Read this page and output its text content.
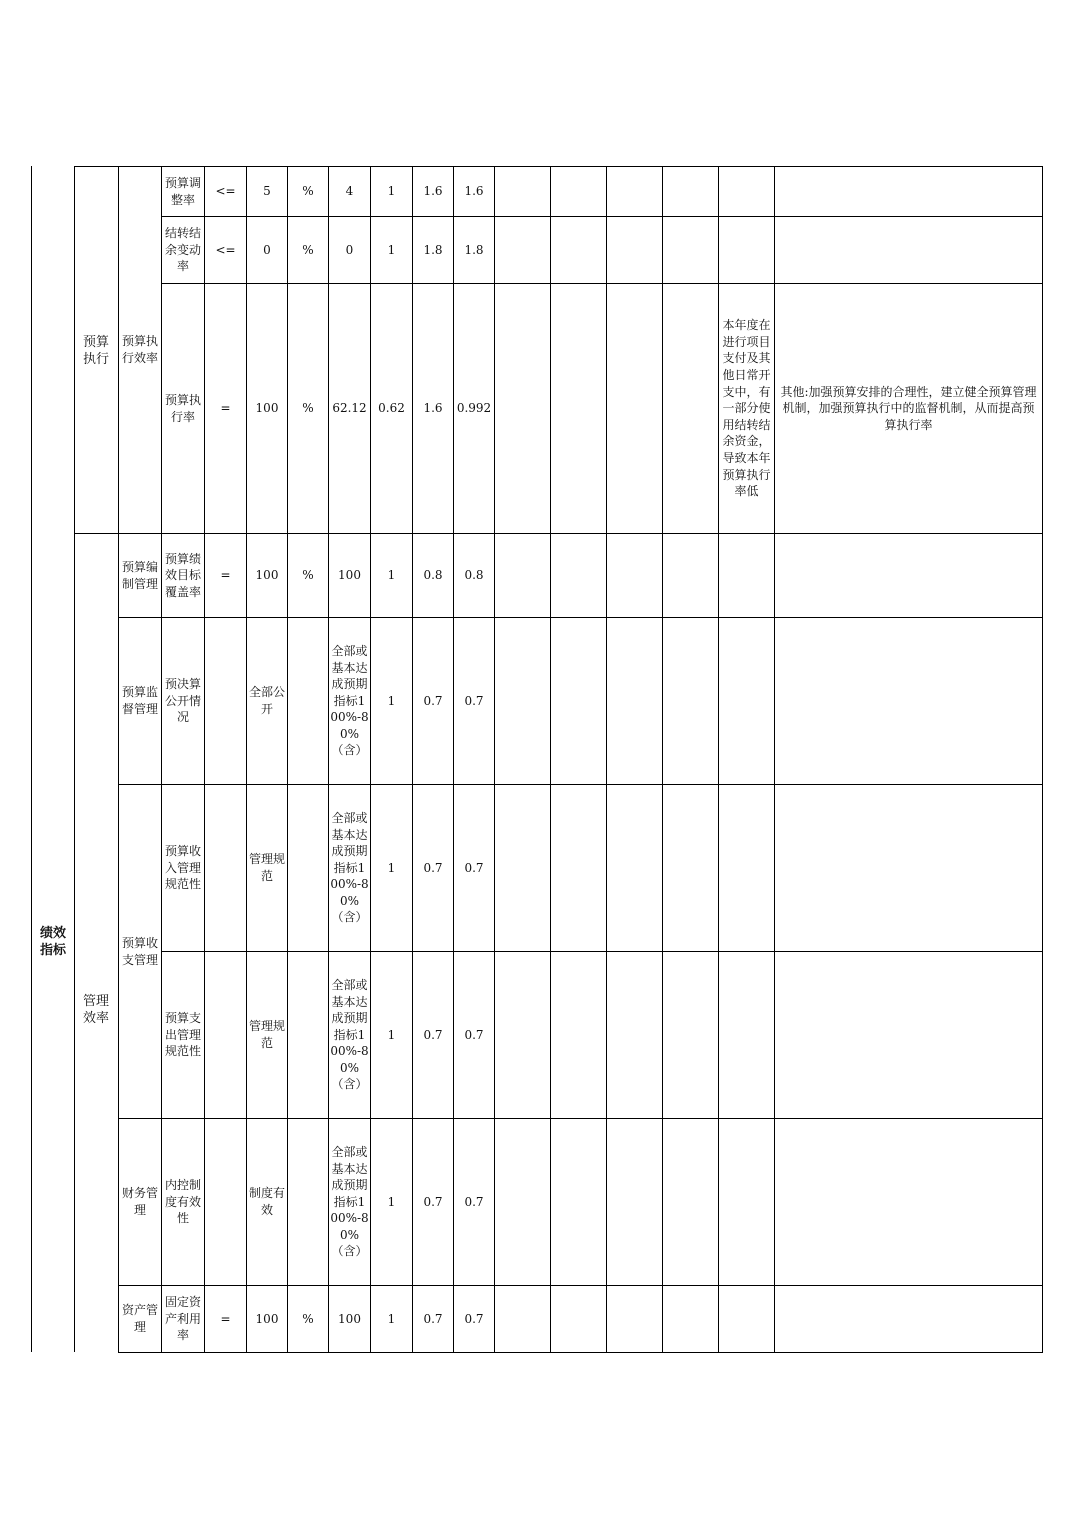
绩效指标
预算执行
管理效率
预算执行效率	预算调整率	<=	5	%	4	1	1.6	1.6						
	结转结余变动率	<=	0	%	0	1	1.8	1.8						
	预算执行率	=	100	%	62.12	0.62	1.6	0.992					本年度在进行项目支付及其他日常开支中，有一部分使用结转结余资金，导致本年预算执行率低	其他:加强预算安排的合理性，建立健全预算管理机制，加强预算执行中的监督机制，从而提高预算执行率
预算编制管理	预算绩效目标覆盖率	=	100	%	100	1	0.8	0.8						
预算监督管理	预决算公开情况		全部公开		全部或基本达成预期指标100%-80%（含）	1	0.7	0.7						
预算收支管理	预算收入管理规范性		管理规范		全部或基本达成预期指标100%-80%（含）	1	0.7	0.7						
	预算支出管理规范性		管理规范		全部或基本达成预期指标100%-80%（含）	1	0.7	0.7						
财务管理	内控制度有效性		制度有效		全部或基本达成预期指标100%-80%（含）	1	0.7	0.7						
资产管理	固定资产利用率	=	100	%	100	1	0.7	0.7						
